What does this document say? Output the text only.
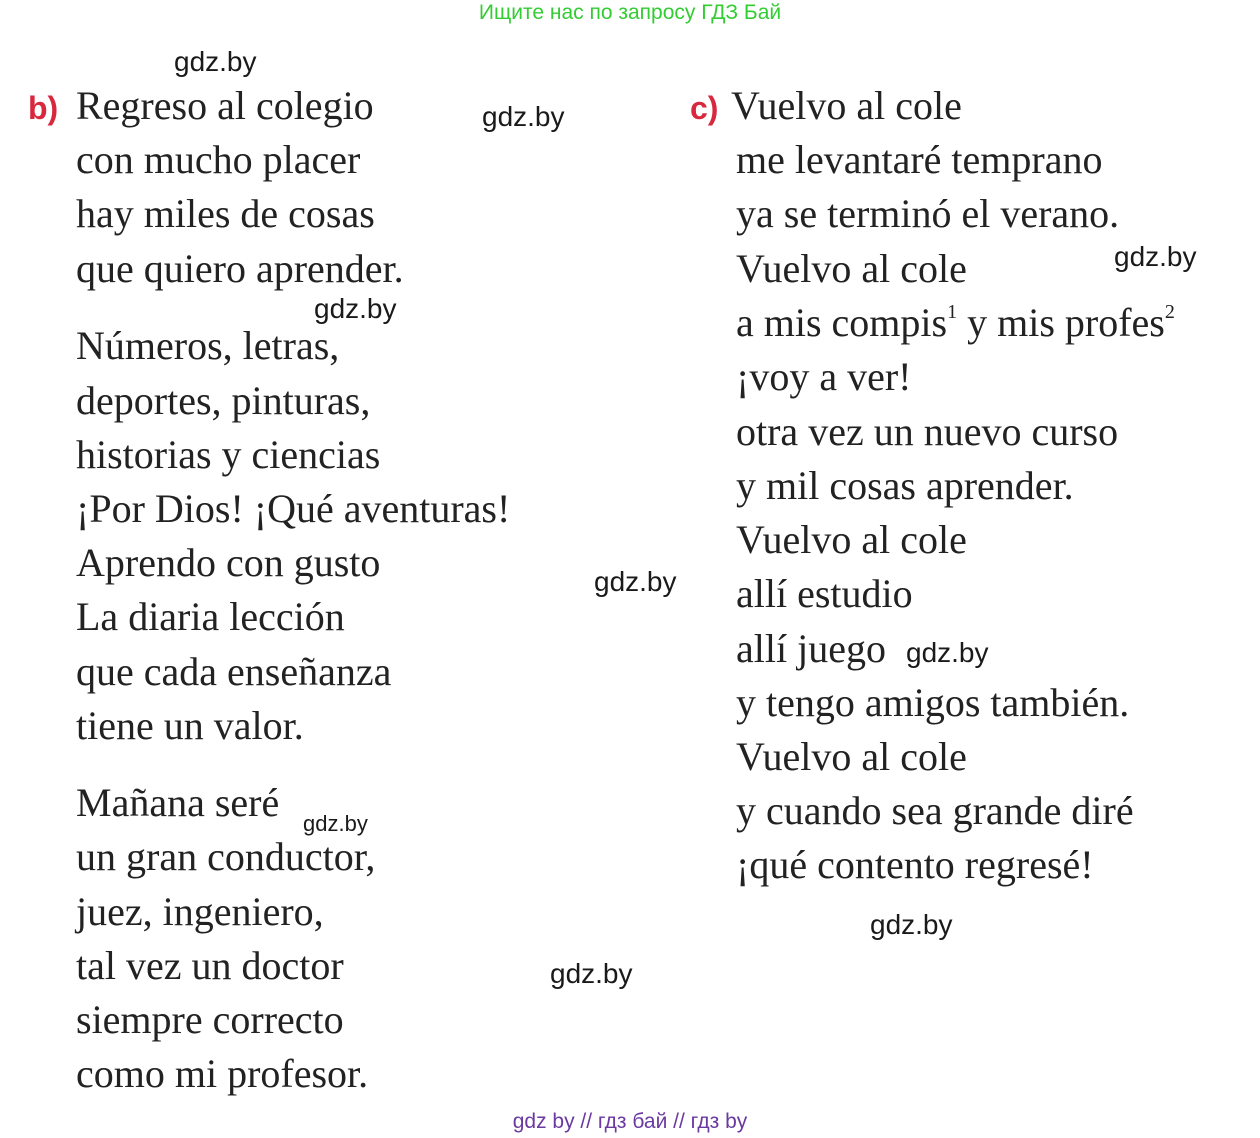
Ищите нас по запросу ГДЗ Бай
gdz.by
gdz.by
gdz.by
gdz.by
gdz.by
gdz.by
gdz.by
gdz.by
gdz.by
b) Regreso al colegio
con mucho placer
hay miles de cosas
que quiero aprender.
Números, letras,
deportes, pinturas,
historias y ciencias
¡Por Dios! ¡Qué aventuras!
Aprendo con gusto
La diaria lección
que cada enseñanza
tiene un valor.
Mañana seré
un gran conductor,
juez, ingeniero,
tal vez un doctor
siempre correcto
como mi profesor.
c) Vuelvo al cole
me levantaré temprano
ya se terminó el verano.
Vuelvo al cole
a mis compis$^1$ y mis profes$^2$
¡voy a ver!
otra vez un nuevo curso
y mil cosas aprender.
Vuelvo al cole
allí estudio
allí juego
y tengo amigos también.
Vuelvo al cole
y cuando sea grande diré
¡qué contento regresé!
gdz by // гдз бай // гдз by
